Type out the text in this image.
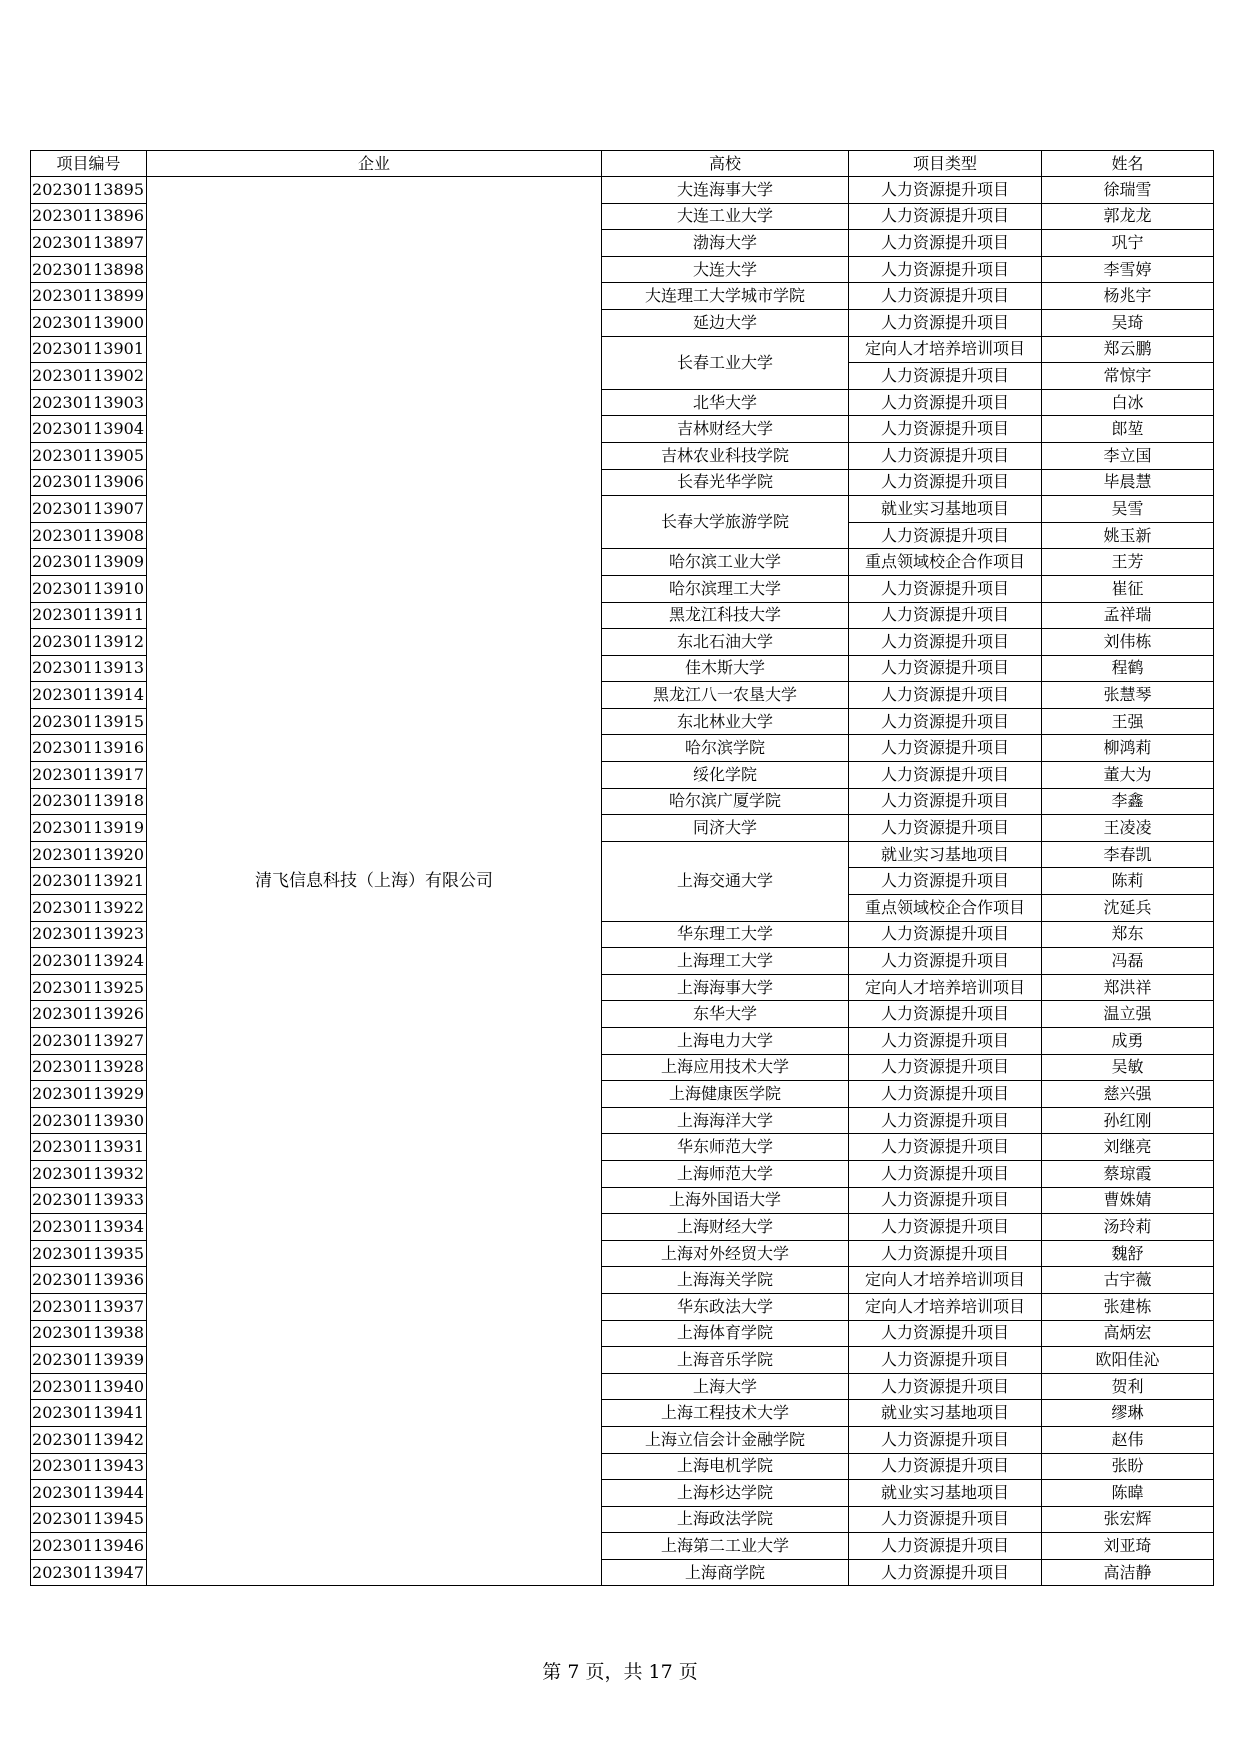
项目编号	企业	高校	项目类型	姓名
20230113895	清飞信息科技（上海）有限公司	大连海事大学	人力资源提升项目	徐瑞雪
20230113896		大连工业大学	人力资源提升项目	郭龙龙
20230113897		渤海大学	人力资源提升项目	巩宁
20230113898		大连大学	人力资源提升项目	李雪婷
20230113899		大连理工大学城市学院	人力资源提升项目	杨兆宇
20230113900		延边大学	人力资源提升项目	吴琦
20230113901		长春工业大学	定向人才培养培训项目	郑云鹏
20230113902			人力资源提升项目	常惊宇
20230113903		北华大学	人力资源提升项目	白冰
20230113904		吉林财经大学	人力资源提升项目	郎堃
20230113905		吉林农业科技学院	人力资源提升项目	李立国
20230113906		长春光华学院	人力资源提升项目	毕晨慧
20230113907		长春大学旅游学院	就业实习基地项目	吴雪
20230113908			人力资源提升项目	姚玉新
20230113909		哈尔滨工业大学	重点领域校企合作项目	王芳
20230113910		哈尔滨理工大学	人力资源提升项目	崔征
20230113911		黑龙江科技大学	人力资源提升项目	孟祥瑞
20230113912		东北石油大学	人力资源提升项目	刘伟栋
20230113913		佳木斯大学	人力资源提升项目	程鹤
20230113914		黑龙江八一农垦大学	人力资源提升项目	张慧琴
20230113915		东北林业大学	人力资源提升项目	王强
20230113916		哈尔滨学院	人力资源提升项目	柳鸿莉
20230113917		绥化学院	人力资源提升项目	董大为
20230113918		哈尔滨广厦学院	人力资源提升项目	李鑫
20230113919		同济大学	人力资源提升项目	王凌凌
20230113920		上海交通大学	就业实习基地项目	李春凯
20230113921			人力资源提升项目	陈莉
20230113922			重点领域校企合作项目	沈延兵
20230113923		华东理工大学	人力资源提升项目	郑东
20230113924		上海理工大学	人力资源提升项目	冯磊
20230113925		上海海事大学	定向人才培养培训项目	郑洪祥
20230113926		东华大学	人力资源提升项目	温立强
20230113927		上海电力大学	人力资源提升项目	成勇
20230113928		上海应用技术大学	人力资源提升项目	吴敏
20230113929		上海健康医学院	人力资源提升项目	慈兴强
20230113930		上海海洋大学	人力资源提升项目	孙红刚
20230113931		华东师范大学	人力资源提升项目	刘继亮
20230113932		上海师范大学	人力资源提升项目	蔡琼霞
20230113933		上海外国语大学	人力资源提升项目	曹姝婧
20230113934		上海财经大学	人力资源提升项目	汤玲莉
20230113935		上海对外经贸大学	人力资源提升项目	魏舒
20230113936		上海海关学院	定向人才培养培训项目	古宇薇
20230113937		华东政法大学	定向人才培养培训项目	张建栋
20230113938		上海体育学院	人力资源提升项目	高炳宏
20230113939		上海音乐学院	人力资源提升项目	欧阳佳沁
20230113940		上海大学	人力资源提升项目	贺利
20230113941		上海工程技术大学	就业实习基地项目	缪琳
20230113942		上海立信会计金融学院	人力资源提升项目	赵伟
20230113943		上海电机学院	人力资源提升项目	张盼
20230113944		上海杉达学院	就业实习基地项目	陈暐
20230113945		上海政法学院	人力资源提升项目	张宏辉
20230113946		上海第二工业大学	人力资源提升项目	刘亚琦
20230113947		上海商学院	人力资源提升项目	高洁静
第 7 页，共 17 页
